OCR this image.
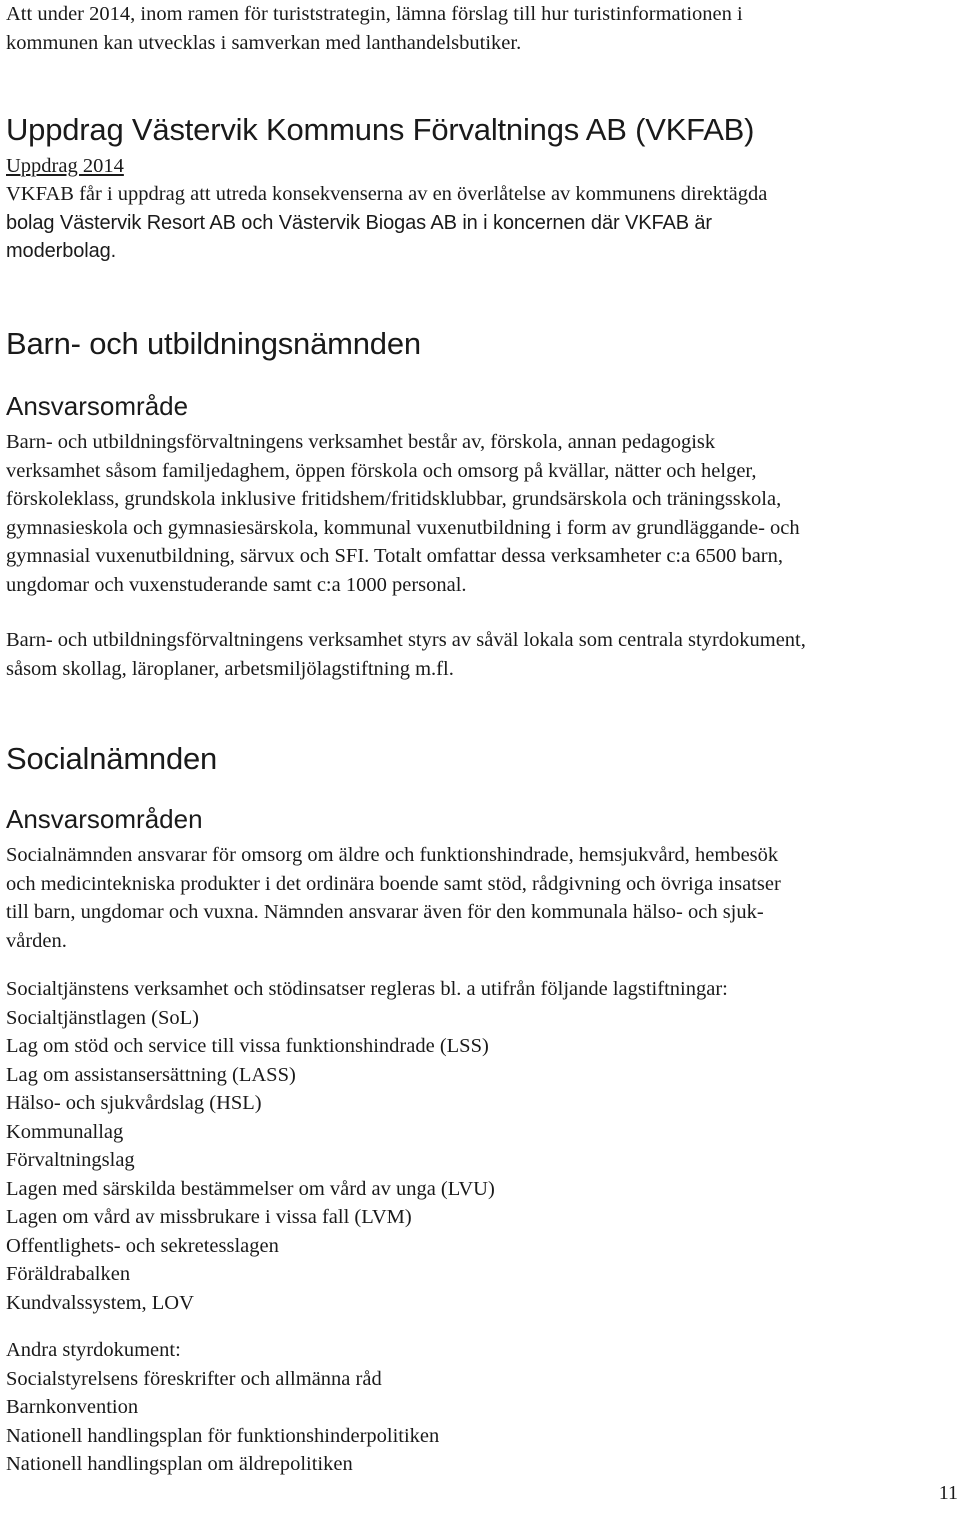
Att under 2014, inom ramen för turiststrategin, lämna förslag till hur turistinformationen i
kommunen kan utvecklas i samverkan med lanthandelsbutiker.
Uppdrag Västervik Kommuns Förvaltnings AB (VKFAB)
Uppdrag 2014
VKFAB får i uppdrag att utreda konsekvenserna av en överlåtelse av kommunens direktägda
bolag Västervik Resort AB och Västervik Biogas AB in i koncernen där VKFAB är
moderbolag.
Barn- och utbildningsnämnden
Ansvarsområde
Barn- och utbildningsförvaltningens verksamhet består av, förskola, annan pedagogisk
verksamhet såsom familjedaghem, öppen förskola och omsorg på kvällar, nätter och helger,
förskoleklass, grundskola inklusive fritidshem/fritidsklubbar, grundsärskola och träningsskola,
gymnasieskola och gymnasiesärskola, kommunal vuxenutbildning i form av grundläggande- och
gymnasial vuxenutbildning, särvux och SFI. Totalt omfattar dessa verksamheter c:a 6500 barn,
ungdomar och vuxenstuderande samt c:a 1000 personal.
Barn- och utbildningsförvaltningens verksamhet styrs av såväl lokala som centrala styrdokument,
såsom skollag, läroplaner, arbetsmiljölagstiftning m.fl.
Socialnämnden
Ansvarsområden
Socialnämnden ansvarar för omsorg om äldre och funktionshindrade, hemsjukvård, hembesök
och medicintekniska produkter i det ordinära boende samt stöd, rådgivning och övriga insatser
till barn, ungdomar och vuxna. Nämnden ansvarar även för den kommunala hälso- och sjuk-
vården.
Socialtjänstens verksamhet och stödinsatser regleras bl. a utifrån följande lagstiftningar:
Socialtjänstlagen (SoL)
Lag om stöd och service till vissa funktionshindrade (LSS)
Lag om assistansersättning (LASS)
Hälso- och sjukvårdslag (HSL)
Kommunallag
Förvaltningslag
Lagen med särskilda bestämmelser om vård av unga (LVU)
Lagen om vård av missbrukare i vissa fall (LVM)
Offentlighets- och sekretesslagen
Föräldrabalken
Kundvalssystem, LOV
Andra styrdokument:
Socialstyrelsens föreskrifter och allmänna råd
Barnkonvention
Nationell handlingsplan för funktionshinderpolitiken
Nationell handlingsplan om äldrepolitiken
11
